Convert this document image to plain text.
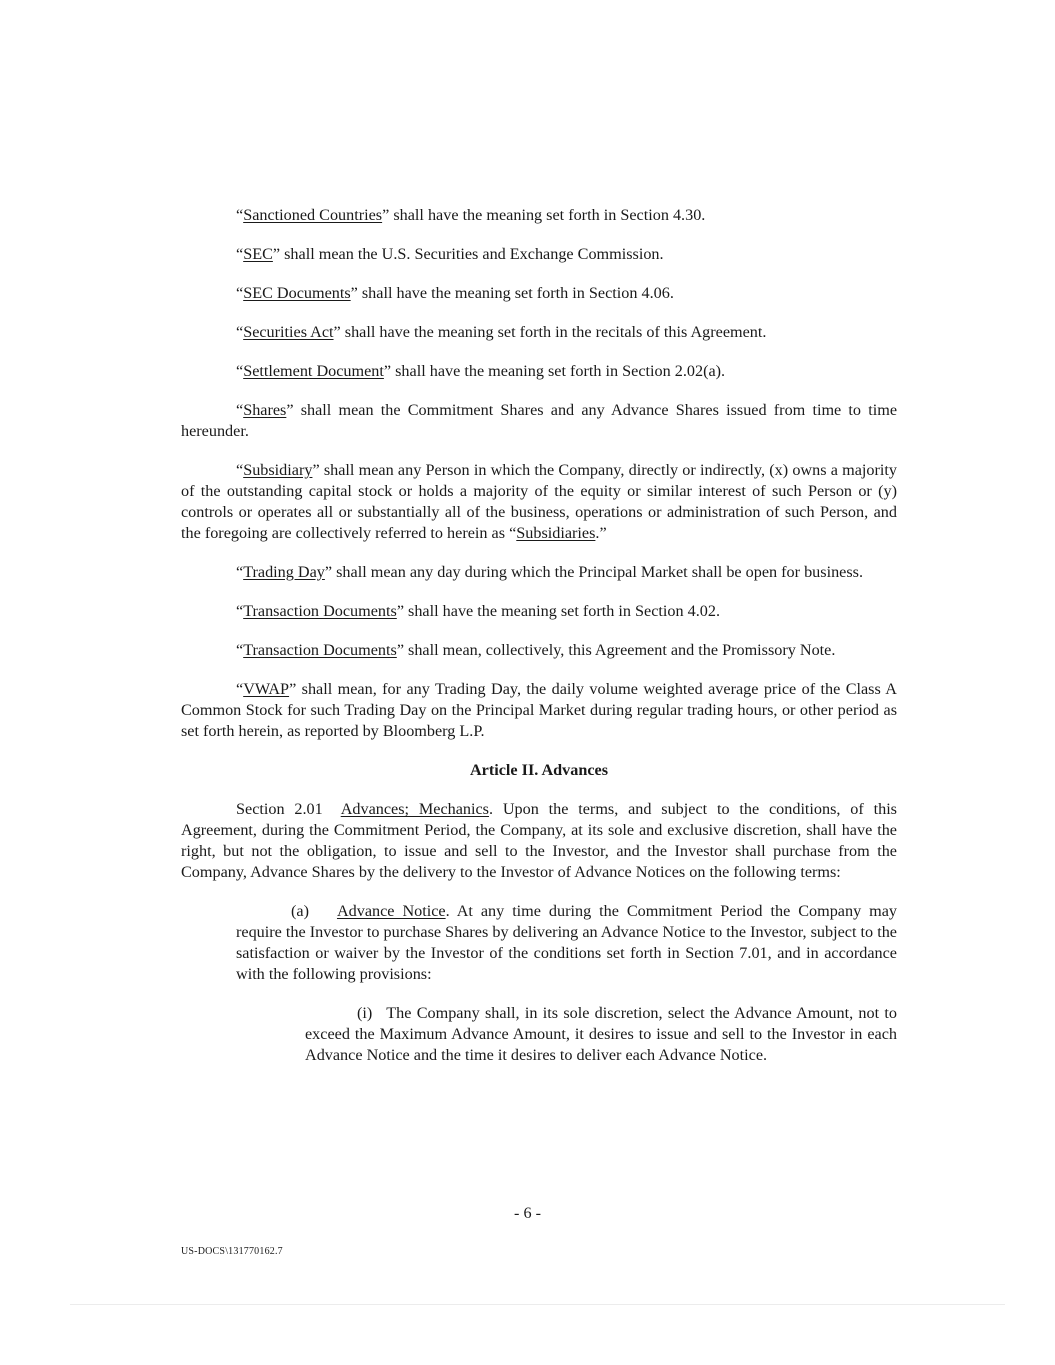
“Sanctioned Countries” shall have the meaning set forth in Section 4.30.

“SEC” shall mean the U.S. Securities and Exchange Commission.

“SEC Documents” shall have the meaning set forth in Section 4.06.

“Securities Act” shall have the meaning set forth in the recitals of this Agreement.

“Settlement Document” shall have the meaning set forth in Section 2.02(a).

“Shares” shall mean the Commitment Shares and any Advance Shares issued from time to time hereunder.

“Subsidiary” shall mean any Person in which the Company, directly or indirectly, (x) owns a majority of the outstanding capital stock or holds a majority of the equity or similar interest of such Person or (y) controls or operates all or substantially all of the business, operations or administration of such Person, and the foregoing are collectively referred to herein as “Subsidiaries.”

“Trading Day” shall mean any day during which the Principal Market shall be open for business.

“Transaction Documents” shall have the meaning set forth in Section 4.02.

“Transaction Documents” shall mean, collectively, this Agreement and the Promissory Note.

“VWAP” shall mean, for any Trading Day, the daily volume weighted average price of the Class A Common Stock for such Trading Day on the Principal Market during regular trading hours, or other period as set forth herein, as reported by Bloomberg L.P.

Article II. Advances

Section 2.01 Advances; Mechanics. Upon the terms, and subject to the conditions, of this Agreement, during the Commitment Period, the Company, at its sole and exclusive discretion, shall have the right, but not the obligation, to issue and sell to the Investor, and the Investor shall purchase from the Company, Advance Shares by the delivery to the Investor of Advance Notices on the following terms:

(a) Advance Notice. At any time during the Commitment Period the Company may require the Investor to purchase Shares by delivering an Advance Notice to the Investor, subject to the satisfaction or waiver by the Investor of the conditions set forth in Section 7.01, and in accordance with the following provisions:

(i) The Company shall, in its sole discretion, select the Advance Amount, not to exceed the Maximum Advance Amount, it desires to issue and sell to the Investor in each Advance Notice and the time it desires to deliver each Advance Notice.

- 6 -
US-DOCS\131770162.7
